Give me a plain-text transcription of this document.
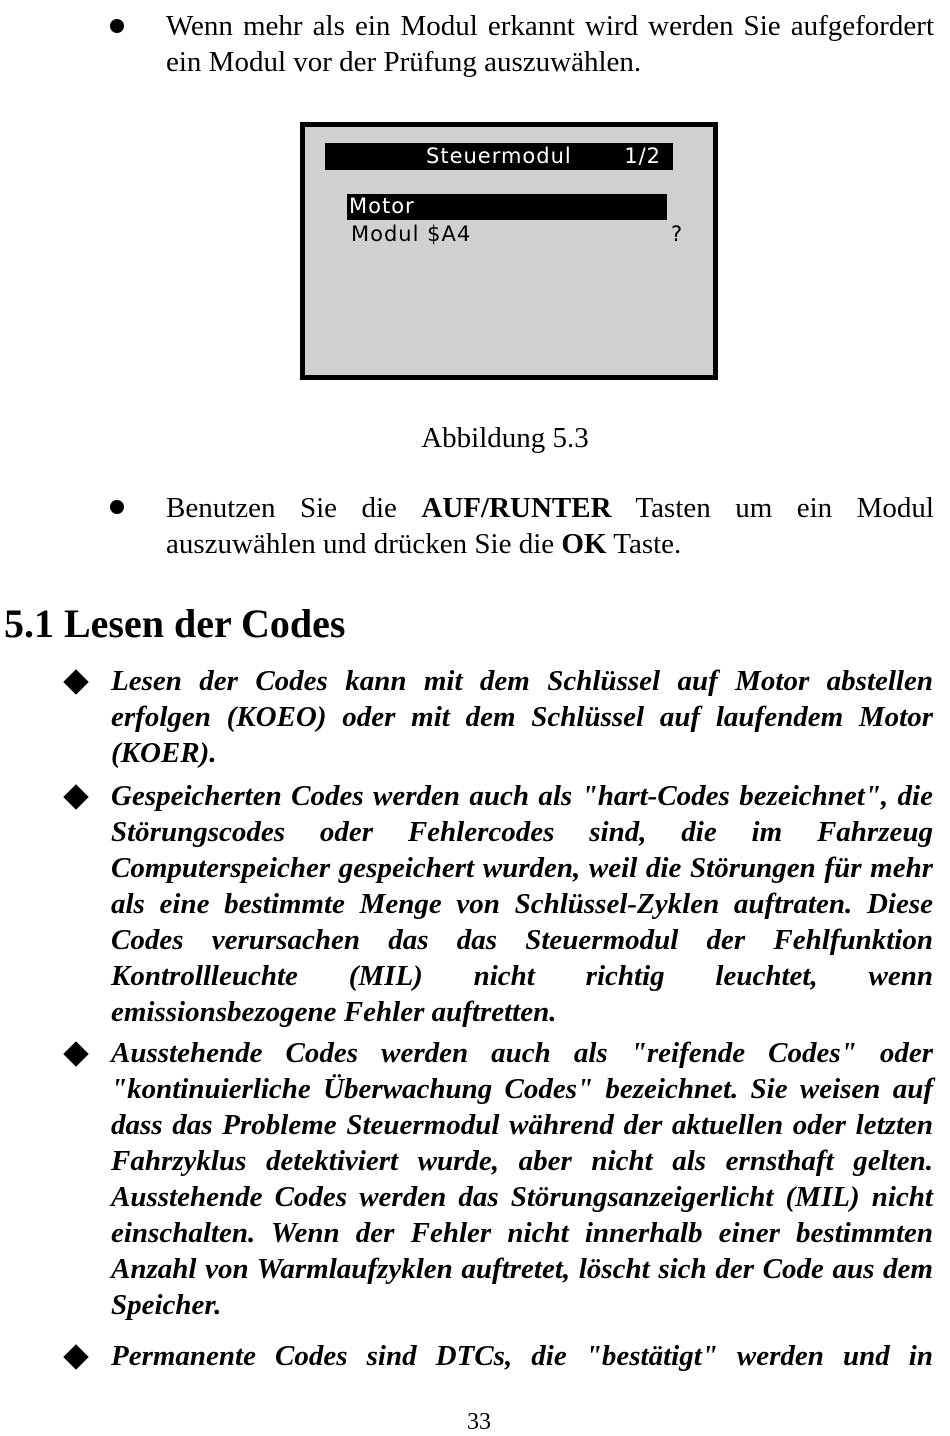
Wenn mehr als ein Modul erkannt wird werden Sie aufgefordert ein Modul vor der Prüfung auszuwählen.

Steuermodul 1/2
Motor
Modul $A4	?
Abbildung 5.3

Benutzen Sie die AUF/RUNTER Tasten um ein Modul auszuwählen und drücken Sie die OK Taste.

5.1 Lesen der Codes

Lesen der Codes kann mit dem Schlüssel auf Motor abstellen erfolgen (KOEO) oder mit dem Schlüssel auf laufendem Motor (KOER).

Gespeicherten Codes werden auch als "hart-Codes bezeichnet", die Störungscodes oder Fehlercodes sind, die im Fahrzeug Computerspeicher gespeichert wurden, weil die Störungen für mehr als eine bestimmte Menge von Schlüssel-Zyklen auftraten. Diese Codes verursachen das das Steuermodul der Fehlfunktion Kontrollleuchte (MIL) nicht richtig leuchtet, wenn emissionsbezogene Fehler auftretten.

Ausstehende Codes werden auch als "reifende Codes" oder "kontinuierliche Überwachung Codes" bezeichnet. Sie weisen auf dass das Probleme Steuermodul während der aktuellen oder letzten Fahrzyklus detektiviert wurde, aber nicht als ernsthaft gelten. Ausstehende Codes werden das Störungsanzeigerlicht (MIL) nicht einschalten. Wenn der Fehler nicht innerhalb einer bestimmten Anzahl von Warmlaufzyklen auftretet, löscht sich der Code aus dem Speicher.

Permanente Codes sind DTCs, die "bestätigt" werden und in

33
